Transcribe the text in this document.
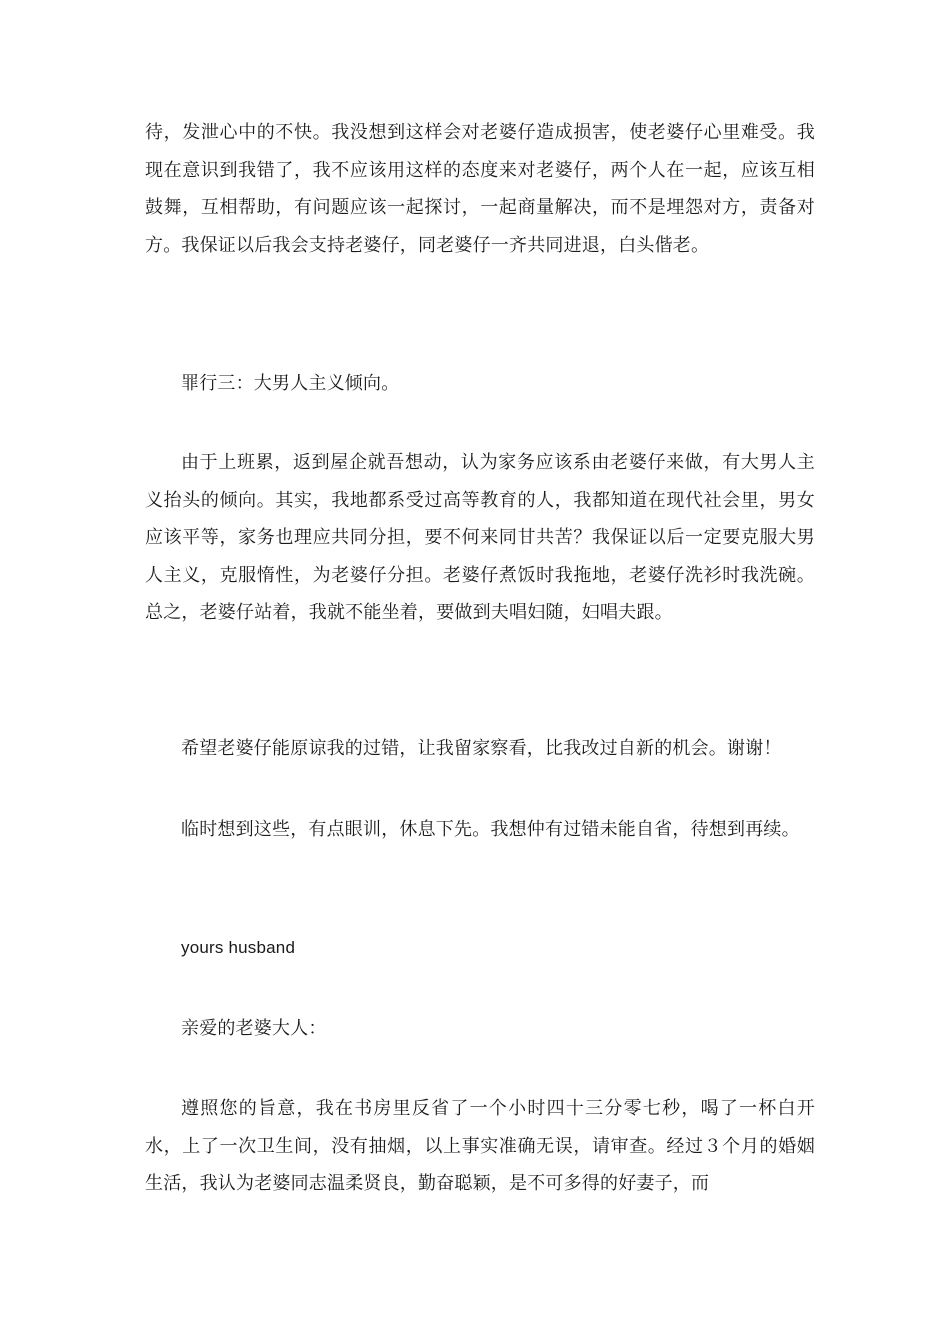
待，发泄心中的不快。我没想到这样会对老婆仔造成损害，使老婆仔心里难受。我现在意识到我错了，我不应该用这样的态度来对老婆仔，两个人在一起，应该互相鼓舞，互相帮助，有问题应该一起探讨，一起商量解决，而不是埋怨对方，责备对方。我保证以后我会支持老婆仔，同老婆仔一齐共同进退，白头偕老。

罪行三：大男人主义倾向。

由于上班累，返到屋企就吾想动，认为家务应该系由老婆仔来做，有大男人主义抬头的倾向。其实，我地都系受过高等教育的人，我都知道在现代社会里，男女应该平等，家务也理应共同分担，要不何来同甘共苦？我保证以后一定要克服大男人主义，克服惰性，为老婆仔分担。老婆仔煮饭时我拖地，老婆仔洗衫时我洗碗。总之，老婆仔站着，我就不能坐着，要做到夫唱妇随，妇唱夫跟。

希望老婆仔能原谅我的过错，让我留家察看，比我改过自新的机会。谢谢！

临时想到这些，有点眼训，休息下先。我想仲有过错未能自省，待想到再续。

yours husband

亲爱的老婆大人：

遵照您的旨意，我在书房里反省了一个小时四十三分零七秒，喝了一杯白开水，上了一次卫生间，没有抽烟，以上事实准确无误，请审查。经过３个月的婚姻生活，我认为老婆同志温柔贤良，勤奋聪颖，是不可多得的好妻子，而
